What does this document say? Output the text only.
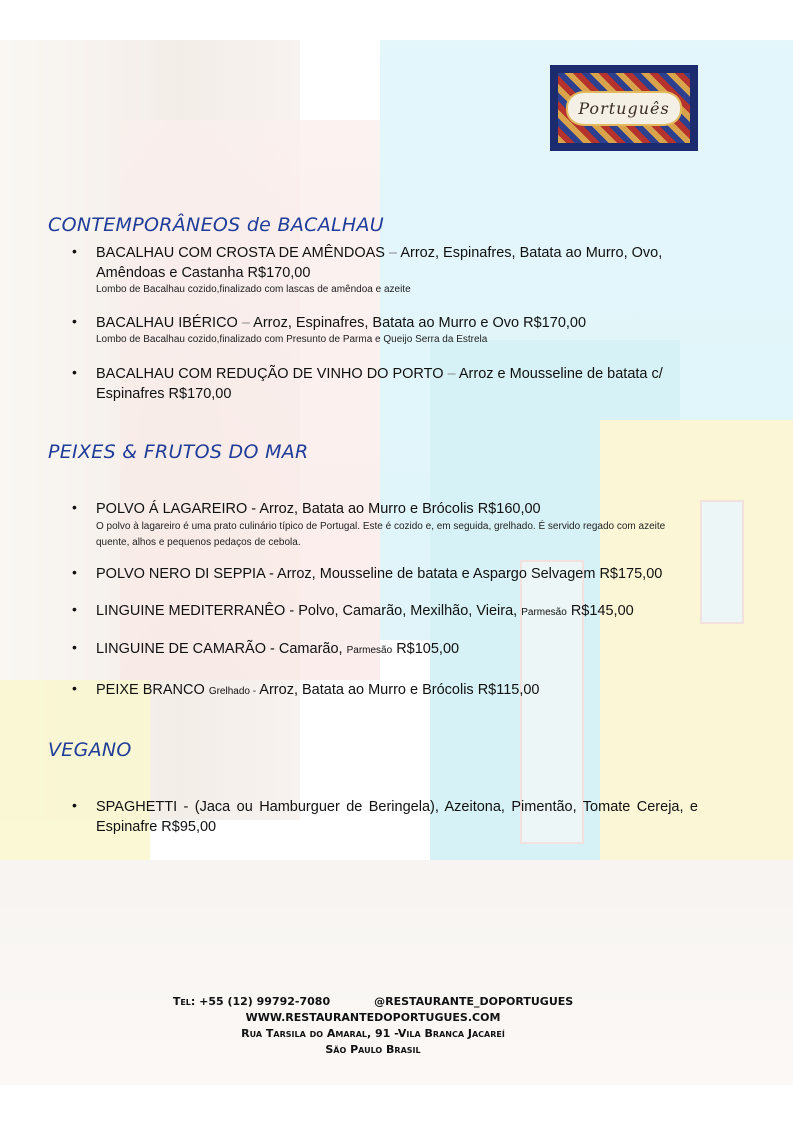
Português
CONTEMPORÂNEOS de BACALHAU
• BACALHAU COM CROSTA DE AMÊNDOAS – Arroz, Espinafres, Batata ao Murro, Ovo, Amêndoas e Castanha R$170,00
Lombo de Bacalhau cozido,finalizado com lascas de amêndoa e azeite
• BACALHAU IBÉRICO – Arroz, Espinafres, Batata ao Murro e Ovo R$170,00
Lombo de Bacalhau cozido,finalizado com Presunto de Parma e Queijo Serra da Estrela
• BACALHAU COM REDUÇÃO DE VINHO DO PORTO – Arroz e Mousseline de batata c/ Espinafres R$170,00
PEIXES & FRUTOS DO MAR
• POLVO Á LAGAREIRO - Arroz, Batata ao Murro e Brócolis R$160,00
O polvo à lagareiro é uma prato culinário típico de Portugal. Este é cozido e, em seguida, grelhado. É servido regado com azeite quente, alhos e pequenos pedaços de cebola.
• POLVO NERO DI SEPPIA - Arroz, Mousseline de batata e Aspargo Selvagem R$175,00
• LINGUINE MEDITERRANÊO - Polvo, Camarão, Mexilhão, Vieira, Parmesão R$145,00
• LINGUINE DE CAMARÃO - Camarão, Parmesão R$105,00
• PEIXE BRANCO Grelhado - Arroz, Batata ao Murro e Brócolis R$115,00
VEGANO
• SPAGHETTI - (Jaca ou Hamburguer de Beringela), Azeitona, Pimentão, Tomate Cereja, e Espinafre R$95,00
Tel: +55 (12) 99792-7080	@RESTAURANTE_DOPORTUGUES
WWW.RESTAURANTEDOPORTUGUES.COM
Rua Tarsila do Amaral, 91 -Vila Branca Jacareí
São Paulo Brasil
